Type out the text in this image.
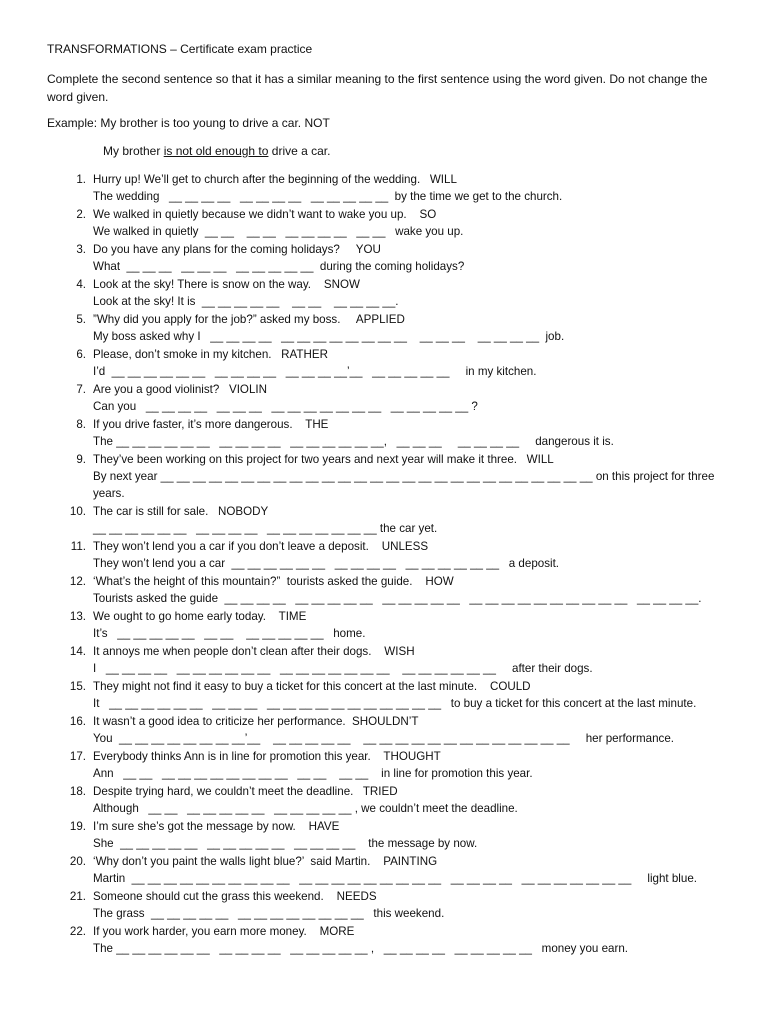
TRANSFORMATIONS – Certificate exam practice
Complete the second sentence so that it has a similar meaning to the first sentence using the word given. Do not change the word given.
Example: My brother is too young to drive a car. NOT
My brother is not old enough to drive a car.
1. Hurry up! We’ll get to church after the beginning of the wedding.   WILL
The wedding   __ __ __ __   __ __ __ __   __ __ __ __ __  by the time we get to the church.
2. We walked in quietly because we didn’t want to wake you up.    SO
We walked in quietly  __ __    __ __   __ __ __ __   __ __   wake you up.
3. Do you have any plans for the coming holidays?     YOU
What  __ __ __   __ __ __   __ __ __ __ __  during the coming holidays?
4. Look at the sky! There is snow on the way.    SNOW
Look at the sky! It is  __ __ __ __ __    __ __    __ __ __ __.
5. ”Why did you apply for the job?” asked my boss.     APPLIED
My boss asked why I   __ __ __ __   __ __ __ __ __ __ __ __    __ __ __    __ __ __ __  job.
6. Please, don’t smoke in my kitchen.   RATHER
I’d  __ __ __ __ __ __   __ __ __ __   __ __ __ __’__   __ __ __ __ __     in my kitchen.
7. Are you a good violinist?   VIOLIN
Can you   __ __ __ __   __ __ __   __ __ __ __ __ __ __   __ __ __ __ __ ?
8. If you drive faster, it’s more dangerous.    THE
The __ __ __ __ __ __   __ __ __ __   __ __ __ __ __ __,   __ __ __     __ __ __ __     dangerous it is.
9. They’ve been working on this project for two years and next year will make it three.   WILL
By next year __ __ __ __ __ __ __ __ __ __ __ __ __ __ __ __ __ __ __ __ __ __ __ __ __ __ __ on this project for three years.
10. The car is still for sale.   NOBODY
__ __ __ __ __ __   __ __ __ __   __ __ __ __ __ __ __ the car yet.
11. They won’t lend you a car if you don’t leave a deposit.    UNLESS
They won’t lend you a car  __ __ __ __ __ __   __ __ __ __   __ __ __ __ __ __   a deposit.
12. ‘What’s the height of this mountain?”  tourists asked the guide.    HOW
Tourists asked the guide  __ __ __ __   __ __ __ __ __   __ __ __ __ __   __ __ __ __ __ __ __ __ __ __   __ __ __ __.
13. We ought to go home early today.    TIME
It’s   __ __ __ __ __   __ __    __ __ __ __ __   home.
14. It annoys me when people don’t clean after their dogs.    WISH
I   __ __ __ __   __ __ __ __ __ __   __ __ __ __ __ __ __    __ __ __ __ __ __     after their dogs.
15. They might not find it easy to buy a ticket for this concert at the last minute.    COULD
It   __ __ __ __ __ __   __ __ __   __ __ __ __ __ __ __ __ __ __ __   to buy a ticket for this concert at the last minute.
16. It wasn’t a good idea to criticize her performance.  SHOULDN’T
You  __ __ __ __ __ __ __ __’__    __ __ __ __ __    __ __ __ __ __ __ __ __ __ __ __ __ __     her performance.
17. Everybody thinks Ann is in line for promotion this year.    THOUGHT
Ann   __ __   __ __ __ __ __ __ __ __   __ __    __ __    in line for promotion this year.
18. Despite trying hard, we couldn’t meet the deadline.   TRIED
Although   __ __   __ __ __ __ __   __ __ __ __ __ , we couldn’t meet the deadline.
19. I’m sure she’s got the message by now.    HAVE
She  __ __ __ __ __   __ __ __ __ __   __ __ __ __    the message by now.
20. ‘Why don’t you paint the walls light blue?’  said Martin.    PAINTING
Martin  __ __ __ __ __ __ __ __ __ __   __ __ __ __ __ __ __ __ __   __ __ __ __   __ __ __ __ __ __ __     light blue.
21. Someone should cut the grass this weekend.    NEEDS
The grass  __ __ __ __ __   __ __ __ __ __ __ __ __   this weekend.
22. If you work harder, you earn more money.    MORE
The __ __ __ __ __ __   __ __ __ __   __ __ __ __ __ ,   __ __ __ __   __ __ __ __ __   money you earn.
